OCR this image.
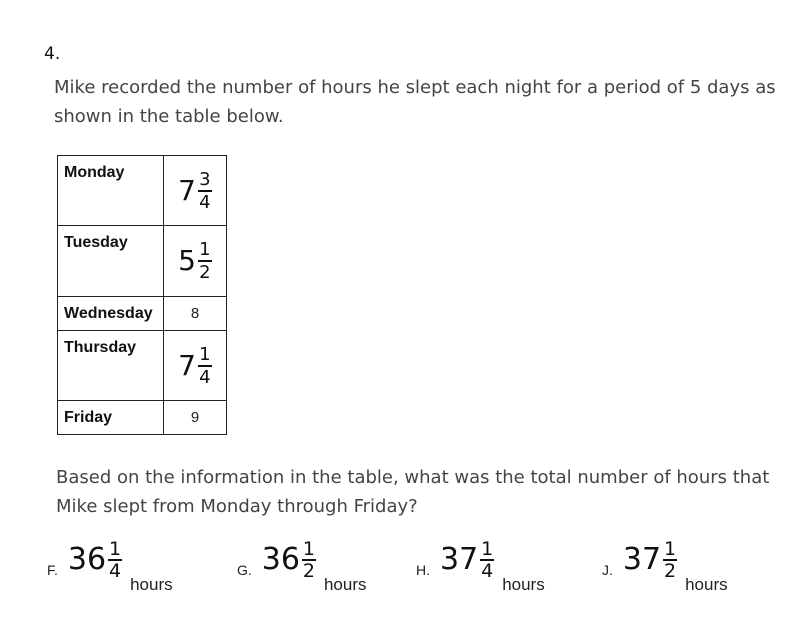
4.
Mike recorded the number of hours he slept each night for a period of 5 days as shown in the table below.
Monday	$7 \frac{3}{4}$

Tuesday	$5 \frac{1}{2}$

Wednesday	8
Thursday	$7 \frac{1}{4}$

Friday	9
Based on the information in the table, what was the total number of hours that Mike slept from Monday through Friday?
F. $36 \frac{1}{4}$
hours
G. $36 \frac{1}{2}$
hours
H. $37 \frac{1}{4}$
hours
J. $37 \frac{1}{2}$
hours
